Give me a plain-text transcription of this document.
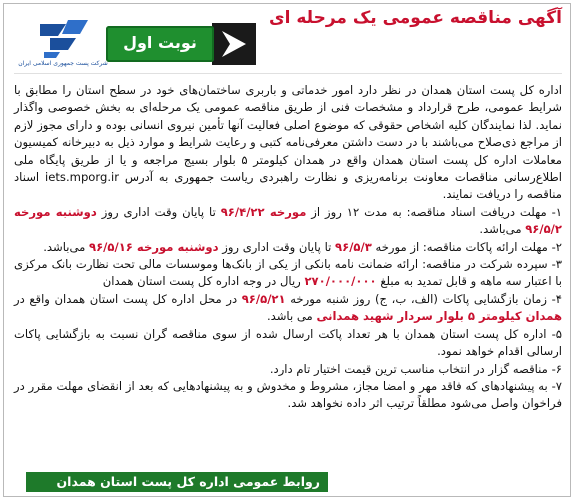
آگهی مناقصه عمومی یک مرحله ای
نوبت اول
شرکت پست جمهوری اسلامی ایران

اداره کل پست استان همدان در نظر دارد امور خدماتی و باربری ساختمان‌های خود در سطح استان را مطابق با شرایط عمومی، طرح قرارداد و مشخصات فنی از طریق مناقصه عمومی یک مرحله‌ای به بخش خصوصی واگذار نماید. لذا نمایندگان کلیه اشخاص حقوقی که موضوع اصلی فعالیت آنها تأمین نیروی انسانی بوده و دارای مجوز لازم از مراجع ذی‌صلاح می‌باشند با در دست داشتن معرفی‌نامه کتبی و رعایت شرایط و موارد ذیل به دبیرخانه کمیسیون معاملات اداره کل پست استان همدان واقع در همدان کیلومتر ۵ بلوار بسیج مراجعه و یا از طریق پایگاه ملی اطلاع‌رسانی مناقصات معاونت برنامه‌ریزی و نظارت راهبردی ریاست جمهوری به آدرس iets.mporg.ir اسناد مناقصه را دریافت نمایند.

۱- مهلت دریافت اسناد مناقصه: به مدت ۱۲ روز از مورخه ۹۶/۴/۲۲ تا پایان وقت اداری روز دوشنبه مورخه ۹۶/۵/۲ می‌باشد.

۲- مهلت ارائه پاکات مناقصه: از مورخه ۹۶/۵/۳ تا پایان وقت اداری روز دوشنبه مورخه ۹۶/۵/۱۶ می‌باشد.

۳- سپرده شرکت در مناقصه: ارائه ضمانت نامه بانکی از یکی از بانک‌ها وموسسات مالی تحت نظارت بانک مرکزی با اعتبار سه ماهه و قابل تمدید به مبلغ ۲۷۰/۰۰۰/۰۰۰ ریال در وجه اداره کل پست استان همدان

۴- زمان بازگشایی پاکات (الف، ب، ج) روز شنبه مورخه ۹۶/۵/۲۱ در محل اداره کل پست استان همدان واقع در همدان کیلومتر ۵ بلوار سردار شهید همدانی می باشد.

۵- اداره کل پست استان همدان با هر تعداد پاکت ارسال شده از سوی مناقصه گران نسبت به بازگشایی پاکات ارسالی اقدام خواهد نمود.

۶- مناقصه گزار در انتخاب مناسب ترین قیمت اختیار تام دارد.

۷- به پیشنهادهای که فاقد مهر و امضا مجاز، مشروط و مخدوش و به پیشنهادهایی که بعد از انقضای مهلت مقرر در فراخوان واصل می‌شود مطلقاً ترتیب اثر داده نخواهد شد.

روابط عمومی اداره کل پست استان همدان
